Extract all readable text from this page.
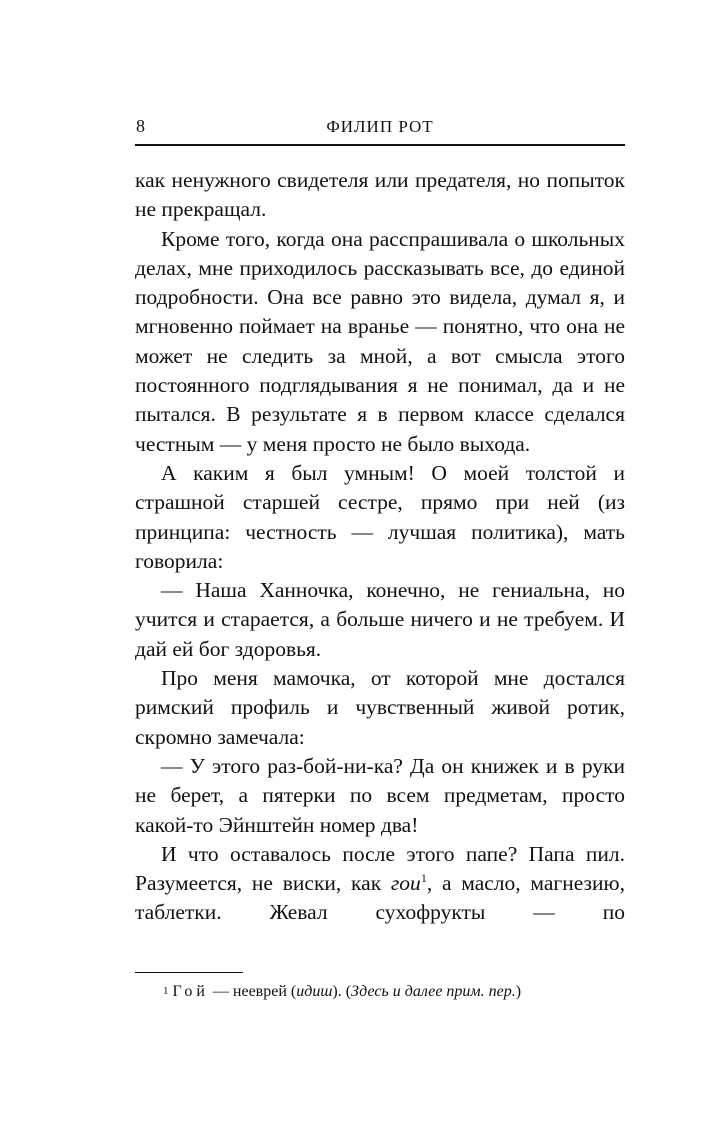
8	ФИЛИП РОТ

как ненужного свидетеля или предателя, но попыток не прекращал.

Кроме того, когда она расспрашивала о школьных делах, мне приходилось рассказывать все, до единой подробности. Она все равно это видела, думал я, и мгновенно поймает на вранье — понятно, что она не может не следить за мной, а вот смысла этого постоянного подглядывания я не понимал, да и не пытался. В результате я в первом классе сделался честным — у меня просто не было выхода.

А каким я был умным! О моей толстой и страшной старшей сестре, прямо при ней (из принципа: честность — лучшая политика), мать говорила:

— Наша Ханночка, конечно, не гениальна, но учится и старается, а больше ничего и не требуем. И дай ей бог здоровья.

Про меня мамочка, от которой мне достался римский профиль и чувственный живой ротик, скромно замечала:

— У этого раз-бой-ни-ка? Да он книжек и в руки не берет, а пятерки по всем предметам, просто какой-то Эйнштейн номер два!

И что оставалось после этого папе? Папа пил. Разумеется, не виски, как гои$^1$, а масло, магнезию, таблетки. Жевал сухофрукты — по

$^1$ Гой — нееврей (идиш). (Здесь и далее прим. пер.)
